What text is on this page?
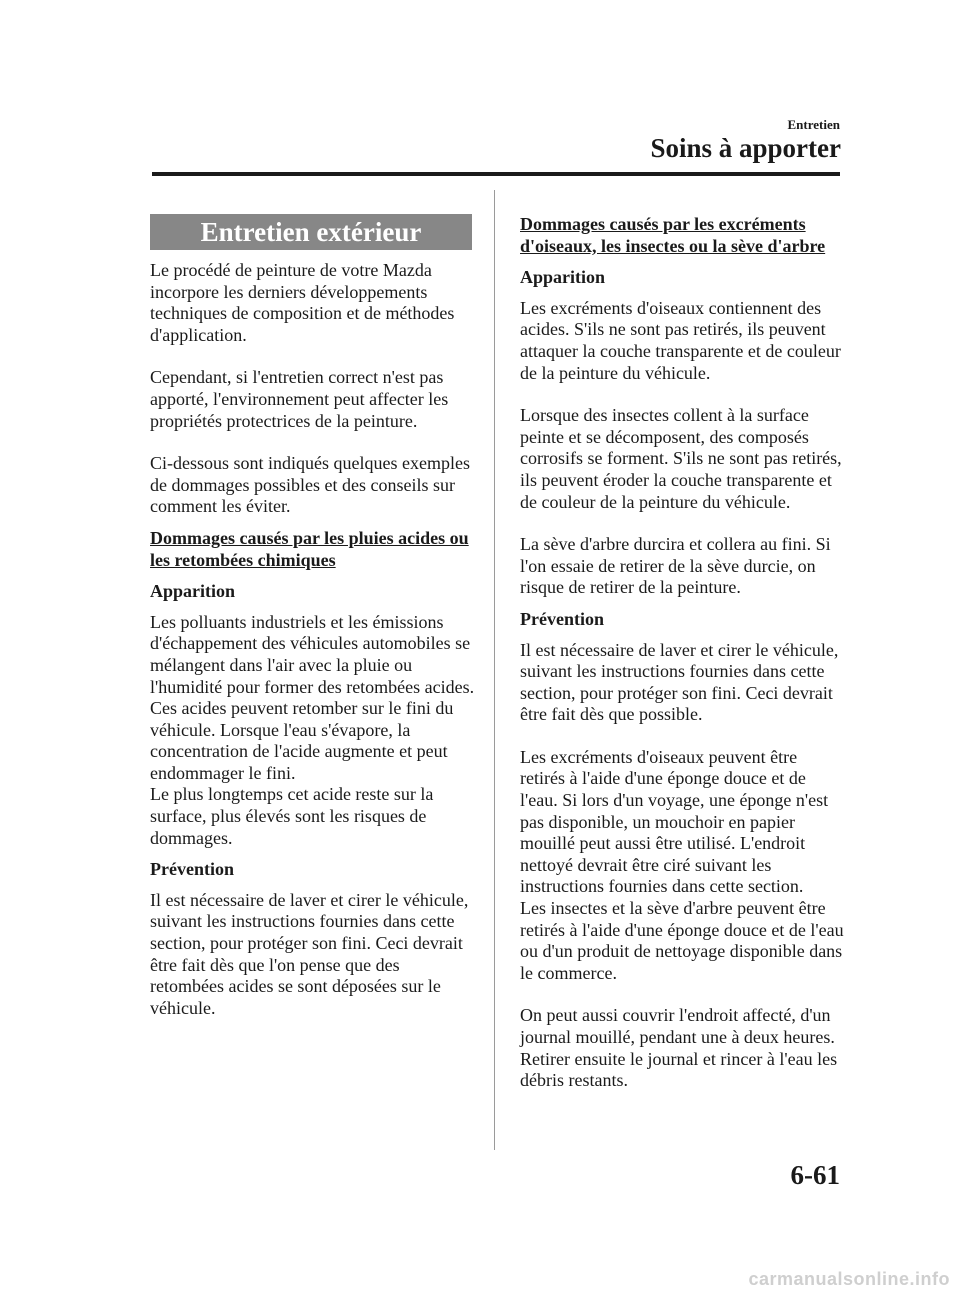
Entretien
Soins à apporter
Entretien extérieur

Le procédé de peinture de votre Mazda incorpore les derniers développements techniques de composition et de méthodes d'application.

Cependant, si l'entretien correct n'est pas apporté, l'environnement peut affecter les propriétés protectrices de la peinture.

Ci-dessous sont indiqués quelques exemples de dommages possibles et des conseils sur comment les éviter.

Dommages causés par les pluies acides ou les retombées chimiques
Apparition

Les polluants industriels et les émissions d'échappement des véhicules automobiles se mélangent dans l'air avec la pluie ou l'humidité pour former des retombées acides. Ces acides peuvent retomber sur le fini du véhicule. Lorsque l'eau s'évapore, la concentration de l'acide augmente et peut endommager le fini.
Le plus longtemps cet acide reste sur la surface, plus élevés sont les risques de dommages.

Prévention

Il est nécessaire de laver et cirer le véhicule, suivant les instructions fournies dans cette section, pour protéger son fini. Ceci devrait être fait dès que l'on pense que des retombées acides se sont déposées sur le véhicule.

Dommages causés par les excréments d'oiseaux, les insectes ou la sève d'arbre
Apparition

Les excréments d'oiseaux contiennent des acides. S'ils ne sont pas retirés, ils peuvent attaquer la couche transparente et de couleur de la peinture du véhicule.

Lorsque des insectes collent à la surface peinte et se décomposent, des composés corrosifs se forment. S'ils ne sont pas retirés, ils peuvent éroder la couche transparente et de couleur de la peinture du véhicule.

La sève d'arbre durcira et collera au fini. Si l'on essaie de retirer de la sève durcie, on risque de retirer de la peinture.

Prévention

Il est nécessaire de laver et cirer le véhicule, suivant les instructions fournies dans cette section, pour protéger son fini. Ceci devrait être fait dès que possible.

Les excréments d'oiseaux peuvent être retirés à l'aide d'une éponge douce et de l'eau. Si lors d'un voyage, une éponge n'est pas disponible, un mouchoir en papier mouillé peut aussi être utilisé. L'endroit nettoyé devrait être ciré suivant les instructions fournies dans cette section.
Les insectes et la sève d'arbre peuvent être retirés à l'aide d'une éponge douce et de l'eau ou d'un produit de nettoyage disponible dans le commerce.

On peut aussi couvrir l'endroit affecté, d'un journal mouillé, pendant une à deux heures. Retirer ensuite le journal et rincer à l'eau les débris restants.

6-61
carmanualsonline.info
